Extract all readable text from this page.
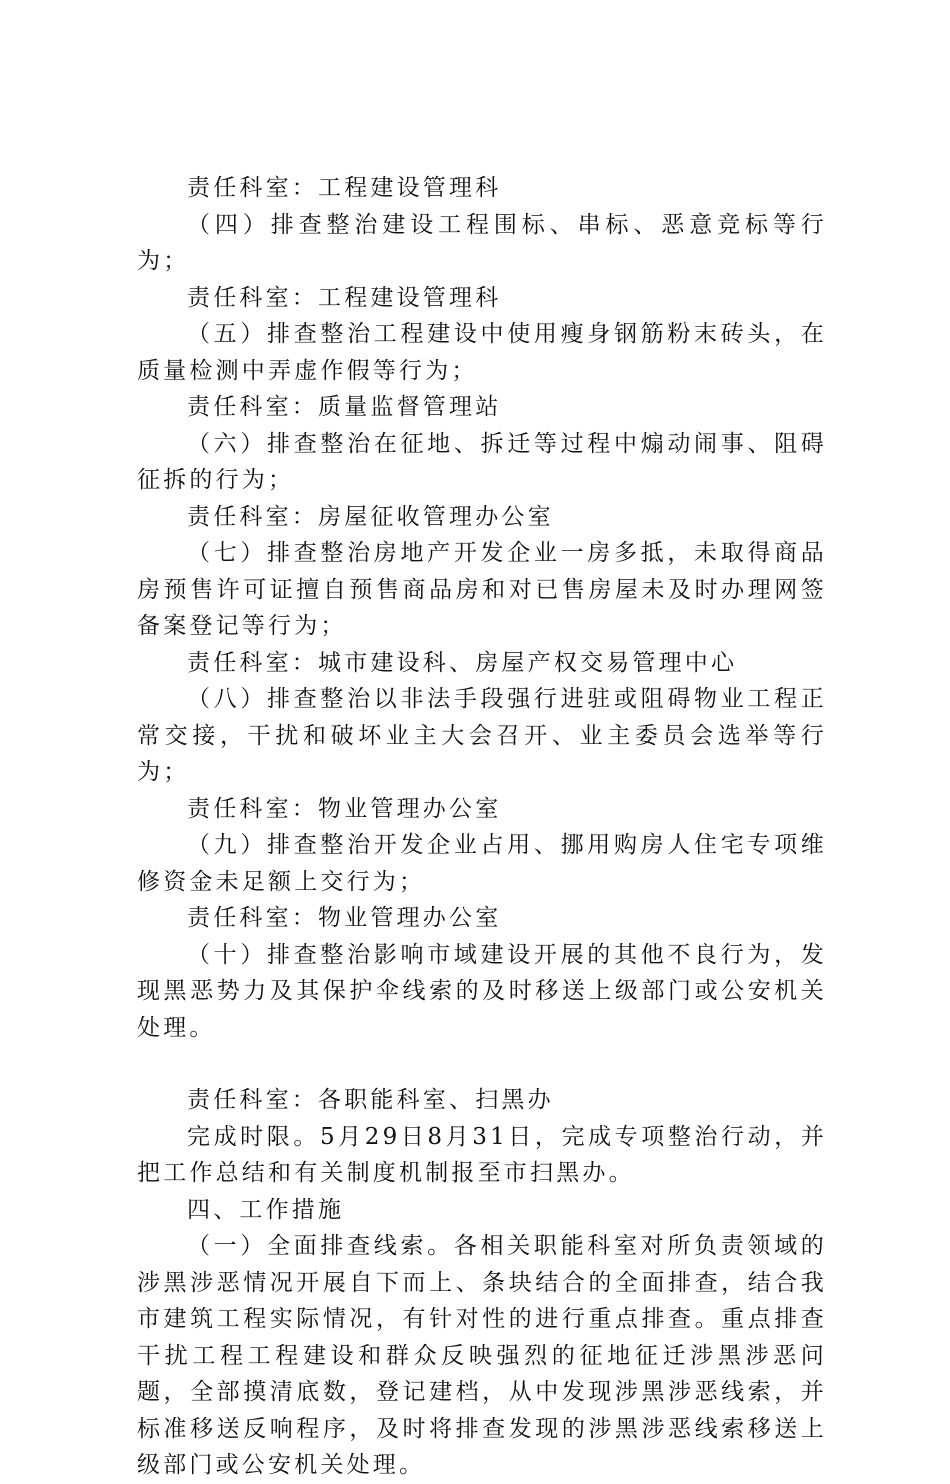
责任科室：工程建设管理科

（四）排查整治建设工程围标、串标、恶意竞标等行为；

责任科室：工程建设管理科

（五）排查整治工程建设中使用瘦身钢筋粉末砖头，在质量检测中弄虚作假等行为；

责任科室：质量监督管理站

（六）排查整治在征地、拆迁等过程中煽动闹事、阻碍征拆的行为；

责任科室：房屋征收管理办公室

（七）排查整治房地产开发企业一房多抵，未取得商品房预售许可证擅自预售商品房和对已售房屋未及时办理网签备案登记等行为；

责任科室：城市建设科、房屋产权交易管理中心

（八）排查整治以非法手段强行进驻或阻碍物业工程正常交接，干扰和破坏业主大会召开、业主委员会选举等行为；

责任科室：物业管理办公室

（九）排查整治开发企业占用、挪用购房人住宅专项维修资金未足额上交行为；

责任科室：物业管理办公室

（十）排查整治影响市域建设开展的其他不良行为，发现黑恶势力及其保护伞线索的及时移送上级部门或公安机关处理。

责任科室：各职能科室、扫黑办

完成时限。5月29日8月31日，完成专项整治行动，并把工作总结和有关制度机制报至市扫黑办。

四、工作措施

（一）全面排查线索。各相关职能科室对所负责领域的涉黑涉恶情况开展自下而上、条块结合的全面排查，结合我市建筑工程实际情况，有针对性的进行重点排查。重点排查干扰工程工程建设和群众反映强烈的征地征迁涉黑涉恶问题，全部摸清底数，登记建档，从中发现涉黑涉恶线索，并标准移送反响程序，及时将排查发现的涉黑涉恶线索移送上级部门或公安机关处理。
